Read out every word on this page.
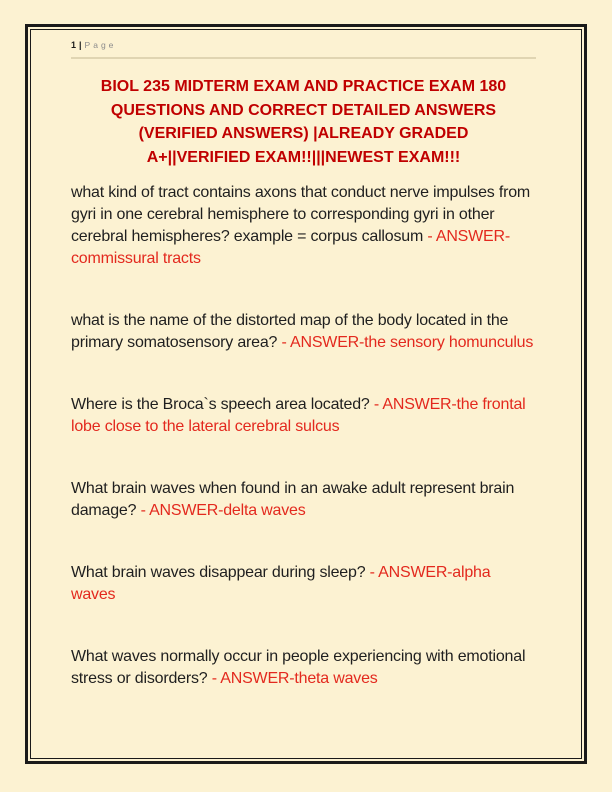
1 | Page
BIOL 235 MIDTERM EXAM AND PRACTICE EXAM 180
QUESTIONS AND CORRECT DETAILED ANSWERS
(VERIFIED ANSWERS) |ALREADY GRADED
A+||VERIFIED EXAM!!|||NEWEST EXAM!!!

what kind of tract contains axons that conduct nerve impulses from gyri in one cerebral hemisphere to corresponding gyri in other cerebral hemispheres? example = corpus callosum - ANSWER-commissural tracts

what is the name of the distorted map of the body located in the primary somatosensory area? - ANSWER-the sensory homunculus

Where is the Broca`s speech area located? - ANSWER-the frontal lobe close to the lateral cerebral sulcus

What brain waves when found in an awake adult represent brain damage? - ANSWER-delta waves

What brain waves disappear during sleep? - ANSWER-alpha waves

What waves normally occur in people experiencing with emotional stress or disorders? - ANSWER-theta waves
